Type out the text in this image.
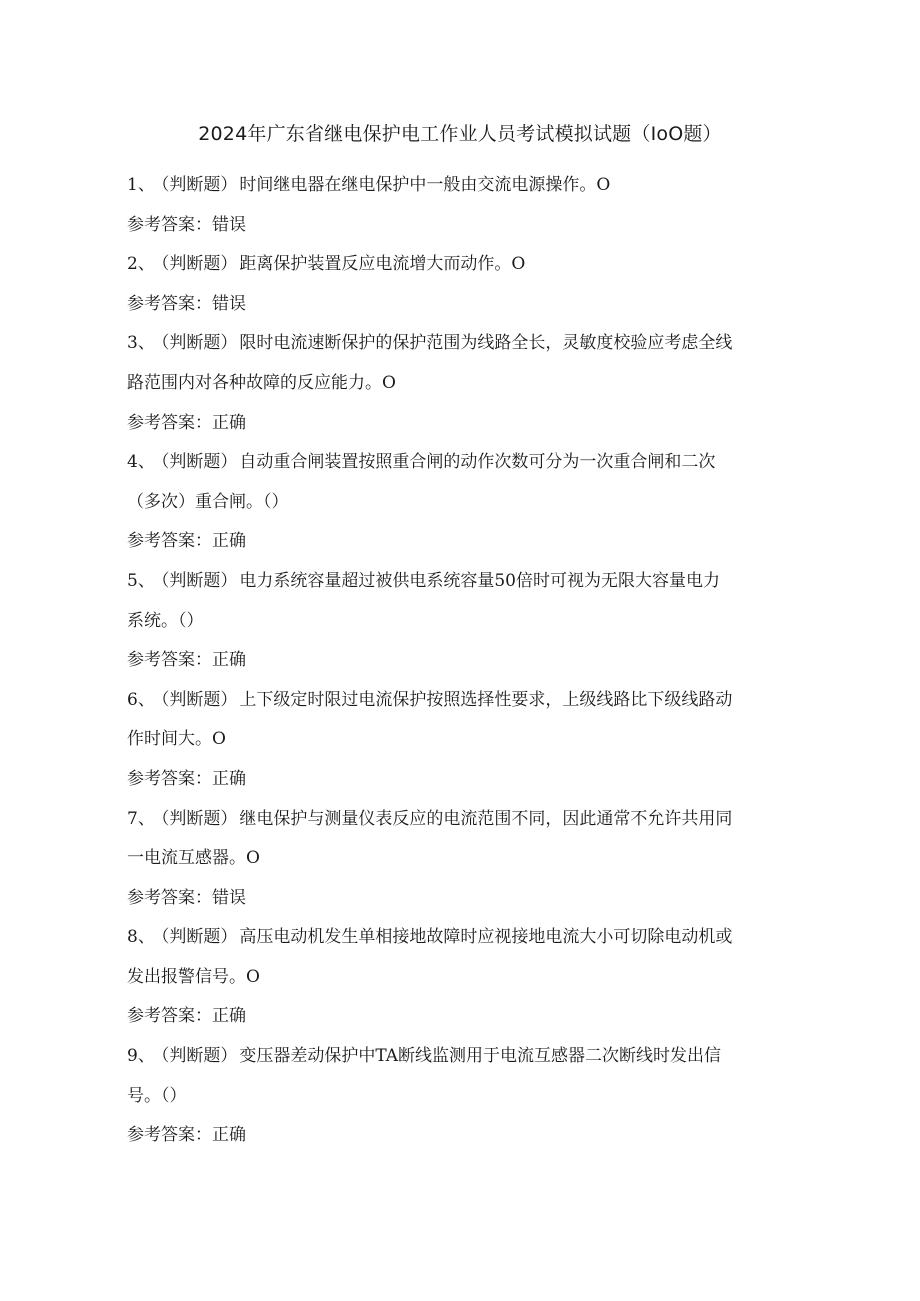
2024年广东省继电保护电工作业人员考试模拟试题（IoO题）
1、 （判断题） 时间继电器在继电保护中一般由交流电源操作。O
参考答案：错误
2、 （判断题） 距离保护装置反应电流增大而动作。O
参考答案：错误
3、 （判断题） 限时电流速断保护的保护范围为线路全长，灵敏度校验应考虑全线
路范围内对各种故障的反应能力。O
参考答案：正确
4、 （判断题） 自动重合闸装置按照重合闸的动作次数可分为一次重合闸和二次
（多次）重合闸。（）
参考答案：正确
5、 （判断题） 电力系统容量超过被供电系统容量50倍时可视为无限大容量电力
系统。（）
参考答案：正确
6、 （判断题） 上下级定时限过电流保护按照选择性要求，上级线路比下级线路动
作时间大。O
参考答案：正确
7、 （判断题） 继电保护与测量仪表反应的电流范围不同，因此通常不允许共用同
一电流互感器。O
参考答案：错误
8、 （判断题） 高压电动机发生单相接地故障时应视接地电流大小可切除电动机或
发出报警信号。O
参考答案：正确
9、 （判断题） 变压器差动保护中TA断线监测用于电流互感器二次断线时发出信
号。（）
参考答案：正确
